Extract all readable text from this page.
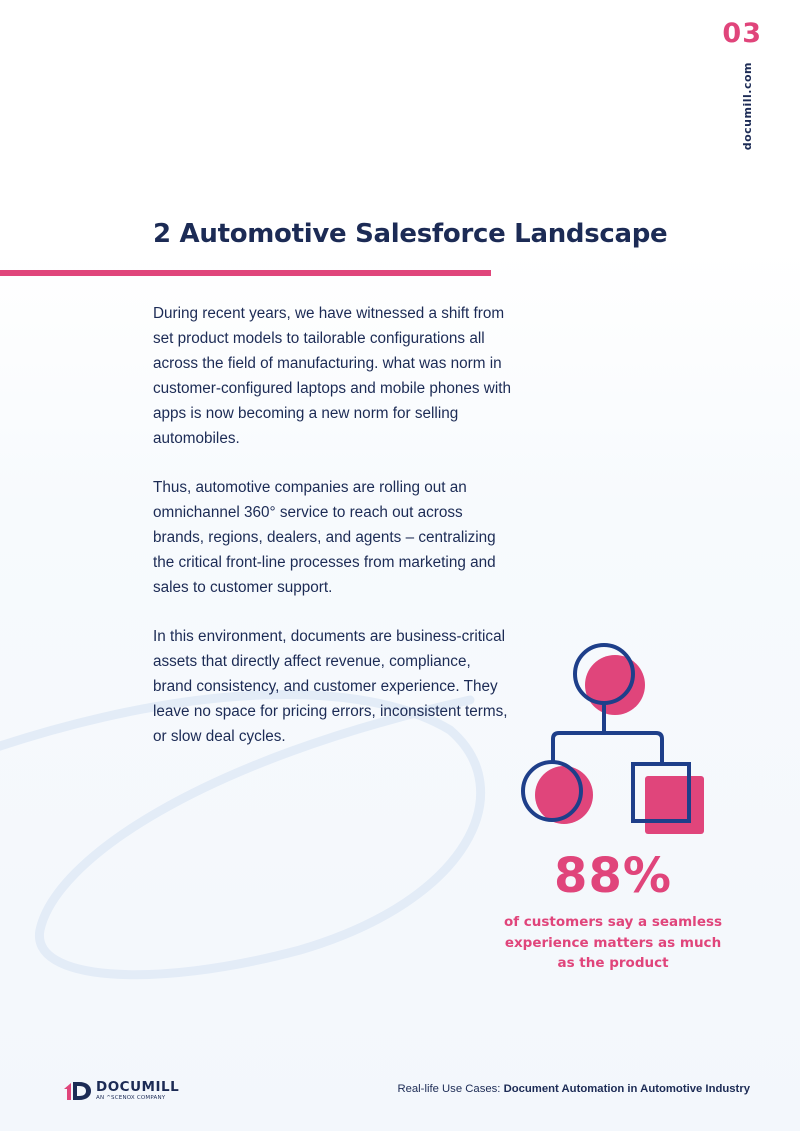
03
documill.com
2 Automotive Salesforce Landscape

During recent years, we have witnessed a shift from set product models to tailorable configurations all across the field of manufacturing. what was norm in customer-configured laptops and mobile phones with apps is now becoming a new norm for selling automobiles.

Thus, automotive companies are rolling out an omnichannel 360° service to reach out across brands, regions, dealers, and agents – centralizing the critical front-line processes from marketing and sales to customer support.

In this environment, documents are business-critical assets that directly affect revenue, compliance, brand consistency, and customer experience. They leave no space for pricing errors, inconsistent terms, or slow deal cycles.

88%
of customers say a seamless experience matters as much as the product
DOCUMILL
AN ^SCENOX COMPANY
Real-life Use Cases: Document Automation in Automotive Industry
